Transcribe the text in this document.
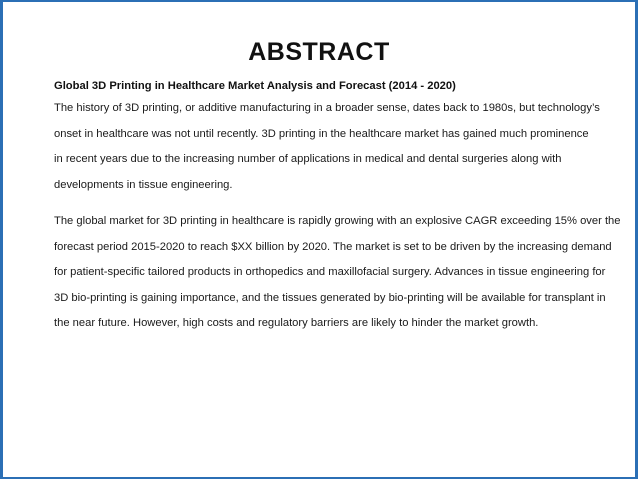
ABSTRACT
Global 3D Printing in Healthcare Market Analysis and Forecast (2014 - 2020)

The history of 3D printing, or additive manufacturing in a broader sense, dates back to 1980s, but technology’s
onset in healthcare was not until recently. 3D printing in the healthcare market has gained much prominence
in recent years due to the increasing number of applications in medical and dental surgeries along with
developments in tissue engineering.

The global market for 3D printing in healthcare is rapidly growing with an explosive CAGR exceeding 15% over the
forecast period 2015-2020 to reach $XX billion by 2020. The market is set to be driven by the increasing demand
for patient-specific tailored products in orthopedics and maxillofacial surgery. Advances in tissue engineering for
3D bio-printing is gaining importance, and the tissues generated by bio-printing will be available for transplant in
the near future. However, high costs and regulatory barriers are likely to hinder the market growth.
